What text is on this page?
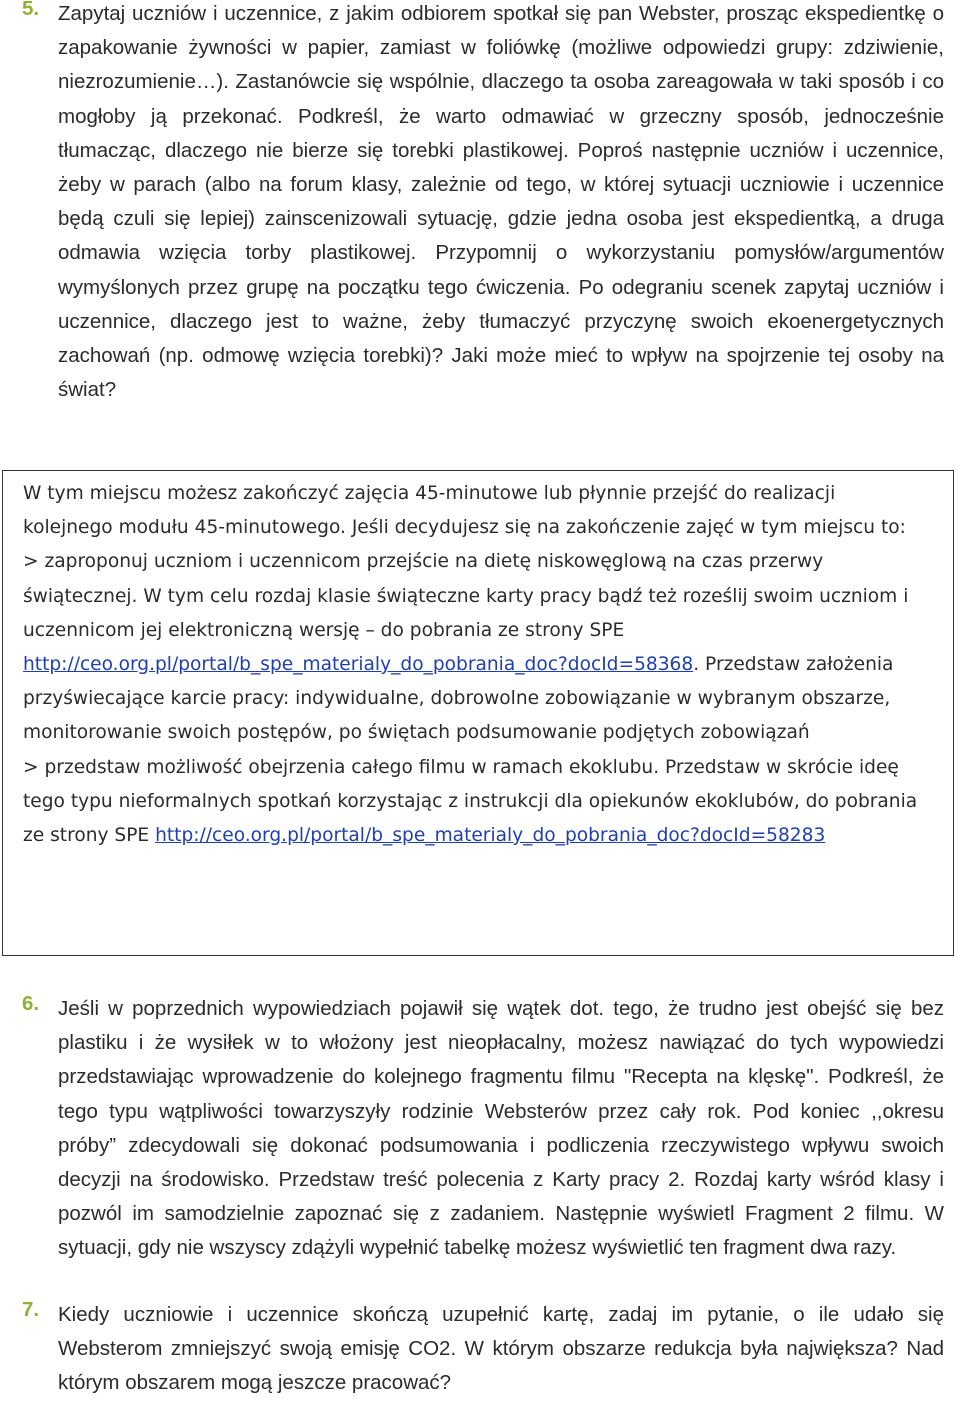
5. Zapytaj uczniów i uczennice, z jakim odbiorem spotkał się pan Webster, prosząc ekspedientkę o zapakowanie żywności w papier, zamiast w foliówkę (możliwe odpowiedzi grupy: zdziwienie, niezrozumienie…). Zastanówcie się wspólnie, dlaczego ta osoba zareagowała w taki sposób i co mogłoby ją przekonać. Podkreśl, że warto odmawiać w grzeczny sposób, jednocześnie tłumacząc, dlaczego nie bierze się torebki plastikowej. Poproś następnie uczniów i uczennice, żeby w parach (albo na forum klasy, zależnie od tego, w której sytuacji uczniowie i uczennice będą czuli się lepiej) zainscenizowali sytuację, gdzie jedna osoba jest ekspedientką, a druga odmawia wzięcia torby plastikowej. Przypomnij o wykorzystaniu pomysłów/argumentów wymyślonych przez grupę na początku tego ćwiczenia. Po odegraniu scenek zapytaj uczniów i uczennice, dlaczego jest to ważne, żeby tłumaczyć przyczynę swoich ekoenergetycznych zachowań (np. odmowę wzięcia torebki)? Jaki może mieć to wpływ na spojrzenie tej osoby na świat?

W tym miejscu możesz zakończyć zajęcia 45-minutowe lub płynnie przejść do realizacji kolejnego modułu 45-minutowego. Jeśli decydujesz się na zakończenie zajęć w tym miejscu to:

> zaproponuj uczniom i uczennicom przejście na dietę niskowęglową na czas przerwy świątecznej. W tym celu rozdaj klasie świąteczne karty pracy bądź też roześlij swoim uczniom i uczennicom jej elektroniczną wersję – do pobrania ze strony SPE http://ceo.org.pl/portal/b_spe_materialy_do_pobrania_doc?docId=58368. Przedstaw założenia przyświecające karcie pracy: indywidualne, dobrowolne zobowiązanie w wybranym obszarze, monitorowanie swoich postępów, po świętach podsumowanie podjętych zobowiązań

> przedstaw możliwość obejrzenia całego filmu w ramach ekoklubu. Przedstaw w skrócie ideę tego typu nieformalnych spotkań korzystając z instrukcji dla opiekunów ekoklubów, do pobrania ze strony SPE http://ceo.org.pl/portal/b_spe_materialy_do_pobrania_doc?docId=58283

6. Jeśli w poprzednich wypowiedziach pojawił się wątek dot. tego, że trudno jest obejść się bez plastiku i że wysiłek w to włożony jest nieopłacalny, możesz nawiązać do tych wypowiedzi przedstawiając wprowadzenie do kolejnego fragmentu filmu "Recepta na klęskę". Podkreśl, że tego typu wątpliwości towarzyszyły rodzinie Websterów przez cały rok. Pod koniec ,,okresu próby” zdecydowali się dokonać podsumowania i podliczenia rzeczywistego wpływu swoich decyzji na środowisko. Przedstaw treść polecenia z Karty pracy 2. Rozdaj karty wśród klasy i pozwól im samodzielnie zapoznać się z zadaniem. Następnie wyświetl Fragment 2 filmu. W sytuacji, gdy nie wszyscy zdążyli wypełnić tabelkę możesz wyświetlić ten fragment dwa razy.
7. Kiedy uczniowie i uczennice skończą uzupełnić kartę, zadaj im pytanie, o ile udało się Websterom zmniejszyć swoją emisję CO2. W którym obszarze redukcja była największa? Nad którym obszarem mogą jeszcze pracować?
